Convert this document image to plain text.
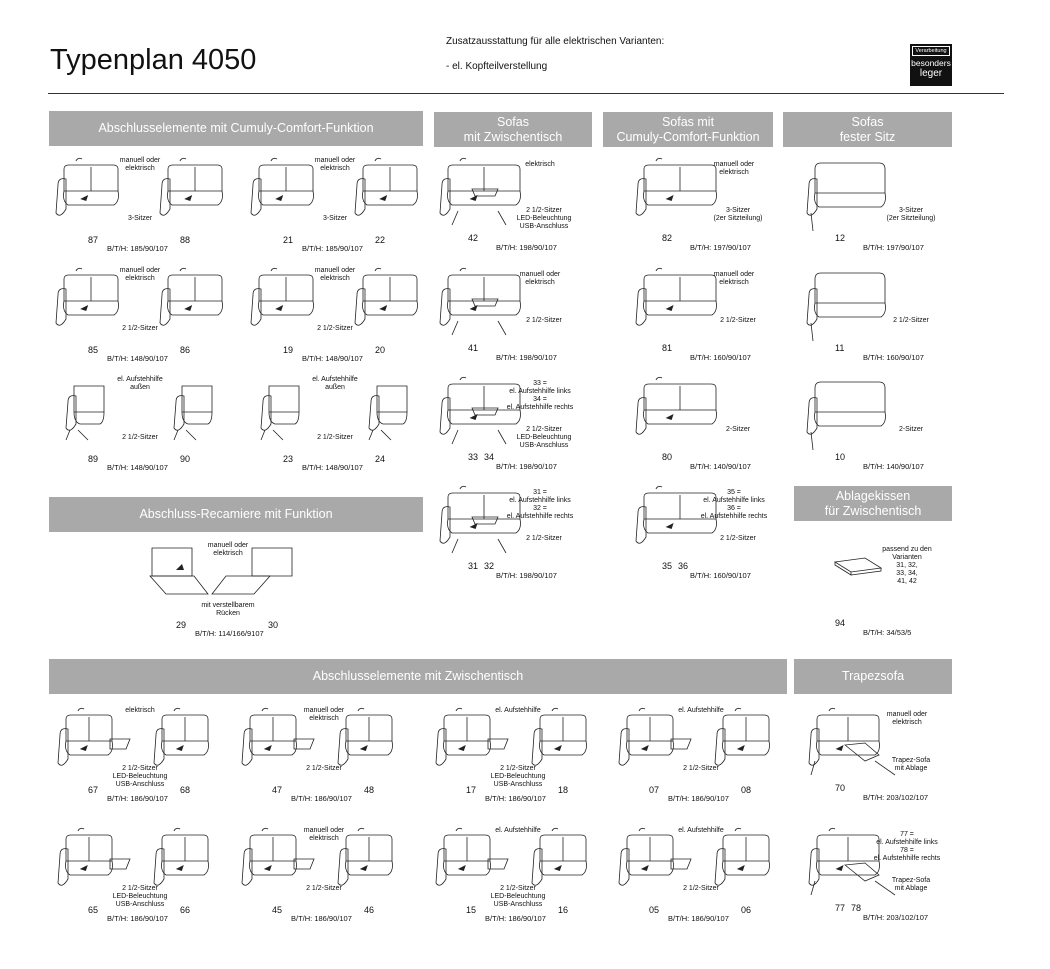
Typenplan 4050
Zusatzausstattung für alle elektrischen Varianten:
- el. Kopfteilverstellung
Verarbeitung
besonders
leger
Abschlusselemente mit Cumuly-Comfort-Funktion	Sofas
mit Zwischentisch
Sofas mit
Cumuly-Comfort-Funktion
Sofas
fester Sitz
Abschluss-Recamiere mit Funktion
Ablagekissen
für Zwischentisch
Abschlusselemente mit Zwischentisch	Trapezsofa
manuell oder
elektrisch
3-Sitzer
87	88
B/T/H: 185/90/107
manuell oder
elektrisch
3-Sitzer
21	22
B/T/H: 185/90/107
elektrisch
2 1/2-Sitzer
LED-Beleuchtung
USB-Anschluss
42
B/T/H: 198/90/107
manuell oder
elektrisch
3-Sitzer
(2er Sitzteilung)
82
B/T/H: 197/90/107
3-Sitzer
(2er Sitzteilung)
12
B/T/H: 197/90/107
manuell oder
elektrisch
2 1/2-Sitzer
85	86
B/T/H: 148/90/107
manuell oder
elektrisch
2 1/2-Sitzer
19	20
B/T/H: 148/90/107
manuell oder
elektrisch
2 1/2-Sitzer
41
B/T/H: 198/90/107
manuell oder
elektrisch
2 1/2-Sitzer
81
B/T/H: 160/90/107
2 1/2-Sitzer
11
B/T/H: 160/90/107
el. Aufstehhilfe
außen
2 1/2-Sitzer
89	90
B/T/H: 148/90/107
el. Aufstehhilfe
außen
2 1/2-Sitzer
23	24
B/T/H: 148/90/107
33 =
el. Aufstehhilfe links
34 =
el. Aufstehhilfe rechts
2 1/2-Sitzer
LED-Beleuchtung
USB-Anschluss
33 34
B/T/H: 198/90/107
2-Sitzer
80
B/T/H: 140/90/107
2-Sitzer
10
B/T/H: 140/90/107
31 =
el. Aufstehhilfe links
32 =
el. Aufstehhilfe rechts
2 1/2-Sitzer
31 32
B/T/H: 198/90/107
35 =
el. Aufstehhilfe links
36 =
el. Aufstehhilfe rechts
2 1/2-Sitzer
35 36
B/T/H: 160/90/107
manuell oder
elektrisch
mit verstellbarem
Rücken
29	30
B/T/H: 114/166/9107
passend zu den
Varianten
31, 32,
33, 34,
41, 42
94
B/T/H: 34/53/5
elektrisch
2 1/2-Sitzer
LED-Beleuchtung
USB-Anschluss
67	68
B/T/H: 186/90/107
manuell oder
elektrisch
2 1/2-Sitzer
47	48
B/T/H: 186/90/107
el. Aufstehhilfe
2 1/2-Sitzer
LED-Beleuchtung
USB-Anschluss
17	18
B/T/H: 186/90/107
el. Aufstehhilfe
2 1/2-Sitzer
07	08
B/T/H: 186/90/107
manuell oder
elektrisch
Trapez-Sofa
mit Ablage
70
B/T/H: 203/102/107
2 1/2-Sitzer
LED-Beleuchtung
USB-Anschluss
65	66
B/T/H: 186/90/107
manuell oder
elektrisch
2 1/2-Sitzer
45	46
B/T/H: 186/90/107
el. Aufstehhilfe
2 1/2-Sitzer
LED-Beleuchtung
USB-Anschluss
15	16
B/T/H: 186/90/107
el. Aufstehhilfe
2 1/2-Sitzer
05	06
B/T/H: 186/90/107
77 =
el. Aufstehhilfe links
78 =
el. Aufstehhilfe rechts
Trapez-Sofa
mit Ablage
77 78
B/T/H: 203/102/107
